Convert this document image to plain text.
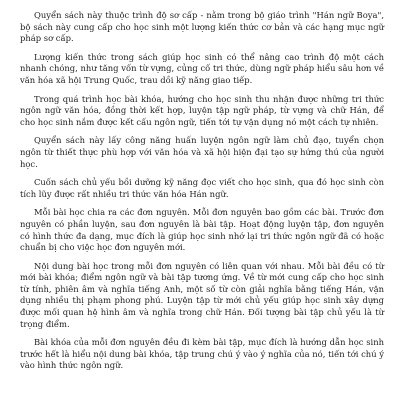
Quyển sách này thuộc trình độ sơ cấp - nằm trong bộ giáo trình "Hán ngữ Boya", bộ sách này cung cấp cho học sinh một lượng kiến thức cơ bản và các hạng mục ngữ pháp sơ cấp.

Lượng kiến thức trong sách giúp học sinh có thể nâng cao trình độ một cách nhanh chóng, như tăng vốn từ vựng, củng cố tri thức, dùng ngữ pháp hiểu sâu hơn về văn hóa xã hội Trung Quốc, trau dồi kỹ năng giao tiếp.

Trong quá trình học bài khóa, hướng cho học sinh thu nhận được những tri thức ngôn ngữ văn hóa, đồng thời kết hợp, luyện tập ngữ pháp, từ vựng và chữ Hán, để cho học sinh nắm được kết cấu ngôn ngữ, tiến tới tự vận dụng nó một cách tự nhiên.

Quyển sách này lấy công năng huấn luyện ngôn ngữ làm chủ đạo, tuyển chọn ngôn từ thiết thực phù hợp với văn hóa và xã hội hiện đại tạo sự hứng thú của người học.

Cuốn sách chủ yếu bồi dưỡng kỹ năng đọc viết cho học sinh, qua đó học sinh còn tích lũy được rất nhiều tri thức văn hóa Hán ngữ.

Mỗi bài học chia ra các đơn nguyên. Mỗi đơn nguyên bao gồm các bài. Trước đơn nguyên có phần luyện, sau đơn nguyên là bài tập. Hoạt động luyện tập, đơn nguyên có hình thức đa dạng, mục đích là giúp học sinh nhớ lại tri thức ngôn ngữ đã có hoặc chuẩn bị cho việc học đơn nguyên mới.

Nội dung bài học trong mỗi đơn nguyên có liên quan với nhau. Mỗi bài đều có từ mới bài khóa; điểm ngôn ngữ và bài tập tương ứng. Về từ mới cung cấp cho học sinh từ tính, phiên âm và nghĩa tiếng Anh, một số từ còn giải nghĩa bằng tiếng Hán, vận dụng nhiều thị phạm phong phú. Luyện tập từ mới chủ yếu giúp học sinh xây dựng được mối quan hệ hình âm và nghĩa trong chữ Hán. Đối tượng bài tập chủ yếu là từ trọng điểm.

Bài khóa của mỗi đơn nguyên đều đi kèm bài tập, mục đích là hướng dẫn học sinh trước hết là hiểu nội dung bài khóa, tập trung chú ý vào ý nghĩa của nó, tiến tới chú ý vào hình thức ngôn ngữ.
